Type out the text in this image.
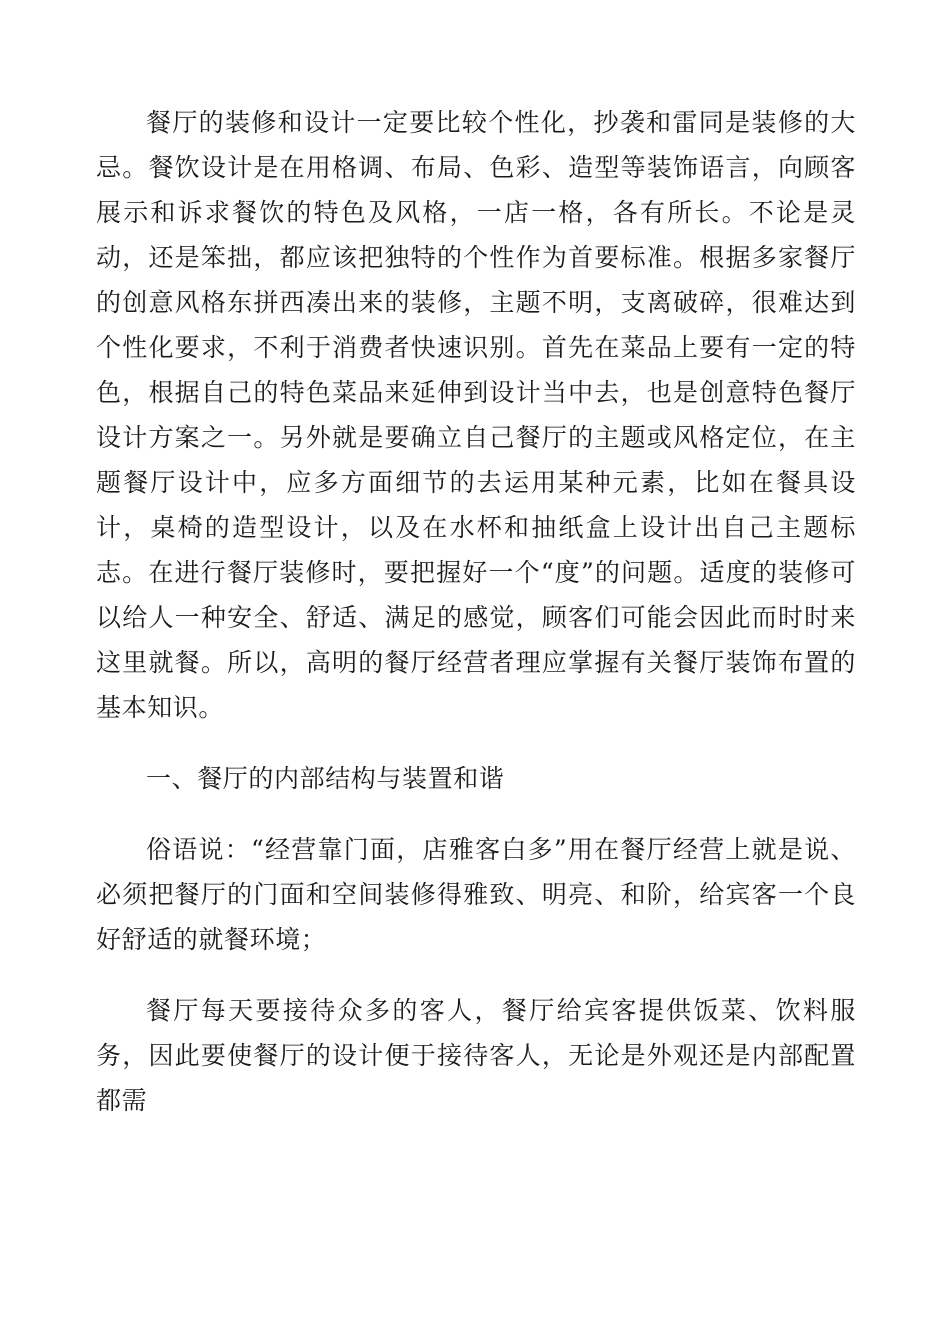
餐厅的装修和设计一定要比较个性化，抄袭和雷同是装修的大忌。餐饮设计是在用格调、布局、色彩、造型等装饰语言，向顾客展示和诉求餐饮的特色及风格，一店一格，各有所长。不论是灵动，还是笨拙，都应该把独特的个性作为首要标准。根据多家餐厅的创意风格东拼西凑出来的装修，主题不明，支离破碎，很难达到个性化要求，不利于消费者快速识别。首先在菜品上要有一定的特色，根据自己的特色菜品来延伸到设计当中去，也是创意特色餐厅设计方案之一。另外就是要确立自己餐厅的主题或风格定位，在主题餐厅设计中，应多方面细节的去运用某种元素，比如在餐具设计，桌椅的造型设计，以及在水杯和抽纸盒上设计出自己主题标志。在进行餐厅装修时，要把握好一个“度”的问题。适度的装修可以给人一种安全、舒适、满足的感觉，顾客们可能会因此而时时来这里就餐。所以，高明的餐厅经营者理应掌握有关餐厅装饰布置的基本知识。

一、餐厅的内部结构与装置和谐

俗语说：“经营靠门面，店雅客白多”用在餐厅经营上就是说、必须把餐厅的门面和空间装修得雅致、明亮、和阶，给宾客一个良好舒适的就餐环境；

餐厅每天要接待众多的客人，餐厅给宾客提供饭菜、饮料服务，因此要使餐厅的设计便于接待客人，无论是外观还是内部配置都需
